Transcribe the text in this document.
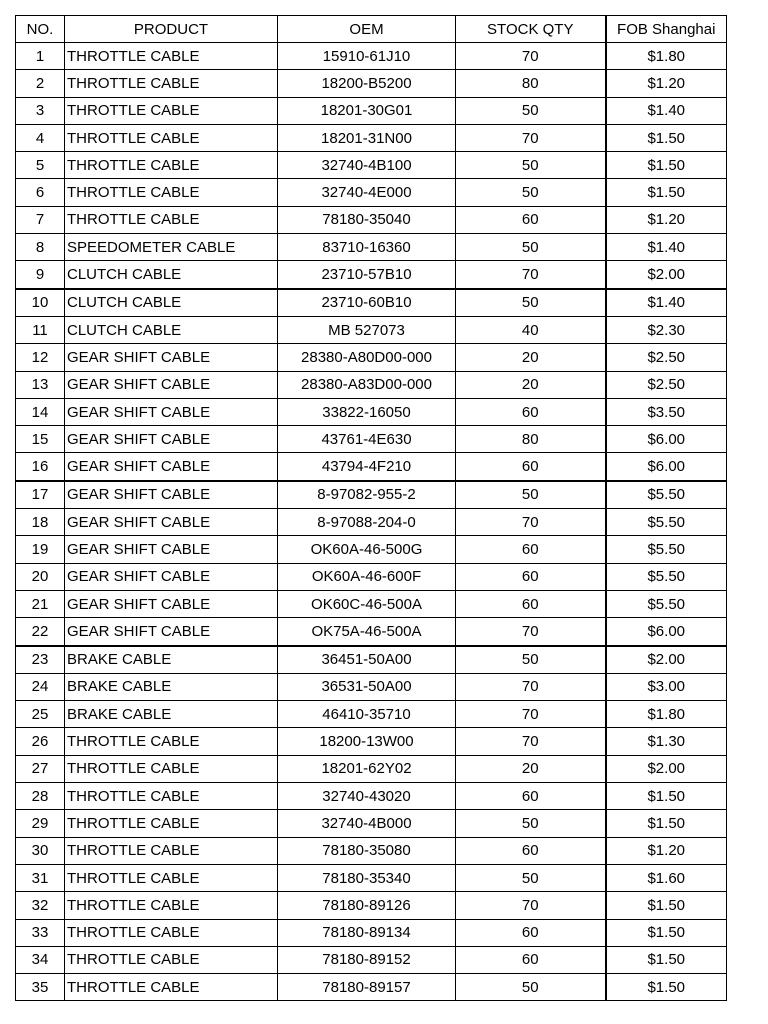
NO.	PRODUCT	OEM	STOCK QTY	FOB Shanghai
1	THROTTLE CABLE	15910-61J10	70	$1.80
2	THROTTLE CABLE	18200-B5200	80	$1.20
3	THROTTLE CABLE	18201-30G01	50	$1.40
4	THROTTLE CABLE	18201-31N00	70	$1.50
5	THROTTLE CABLE	32740-4B100	50	$1.50
6	THROTTLE CABLE	32740-4E000	50	$1.50
7	THROTTLE CABLE	78180-35040	60	$1.20
8	SPEEDOMETER CABLE	83710-16360	50	$1.40
9	CLUTCH CABLE	23710-57B10	70	$2.00
10	CLUTCH CABLE	23710-60B10	50	$1.40
11	CLUTCH CABLE	MB 527073	40	$2.30
12	GEAR SHIFT CABLE	28380-A80D00-000	20	$2.50
13	GEAR SHIFT CABLE	28380-A83D00-000	20	$2.50
14	GEAR SHIFT CABLE	33822-16050	60	$3.50
15	GEAR SHIFT CABLE	43761-4E630	80	$6.00
16	GEAR SHIFT CABLE	43794-4F210	60	$6.00
17	GEAR SHIFT CABLE	8-97082-955-2	50	$5.50
18	GEAR SHIFT CABLE	8-97088-204-0	70	$5.50
19	GEAR SHIFT CABLE	OK60A-46-500G	60	$5.50
20	GEAR SHIFT CABLE	OK60A-46-600F	60	$5.50
21	GEAR SHIFT CABLE	OK60C-46-500A	60	$5.50
22	GEAR SHIFT CABLE	OK75A-46-500A	70	$6.00
23	BRAKE CABLE	36451-50A00	50	$2.00
24	BRAKE CABLE	36531-50A00	70	$3.00
25	BRAKE CABLE	46410-35710	70	$1.80
26	THROTTLE CABLE	18200-13W00	70	$1.30
27	THROTTLE CABLE	18201-62Y02	20	$2.00
28	THROTTLE CABLE	32740-43020	60	$1.50
29	THROTTLE CABLE	32740-4B000	50	$1.50
30	THROTTLE CABLE	78180-35080	60	$1.20
31	THROTTLE CABLE	78180-35340	50	$1.60
32	THROTTLE CABLE	78180-89126	70	$1.50
33	THROTTLE CABLE	78180-89134	60	$1.50
34	THROTTLE CABLE	78180-89152	60	$1.50
35	THROTTLE CABLE	78180-89157	50	$1.50
